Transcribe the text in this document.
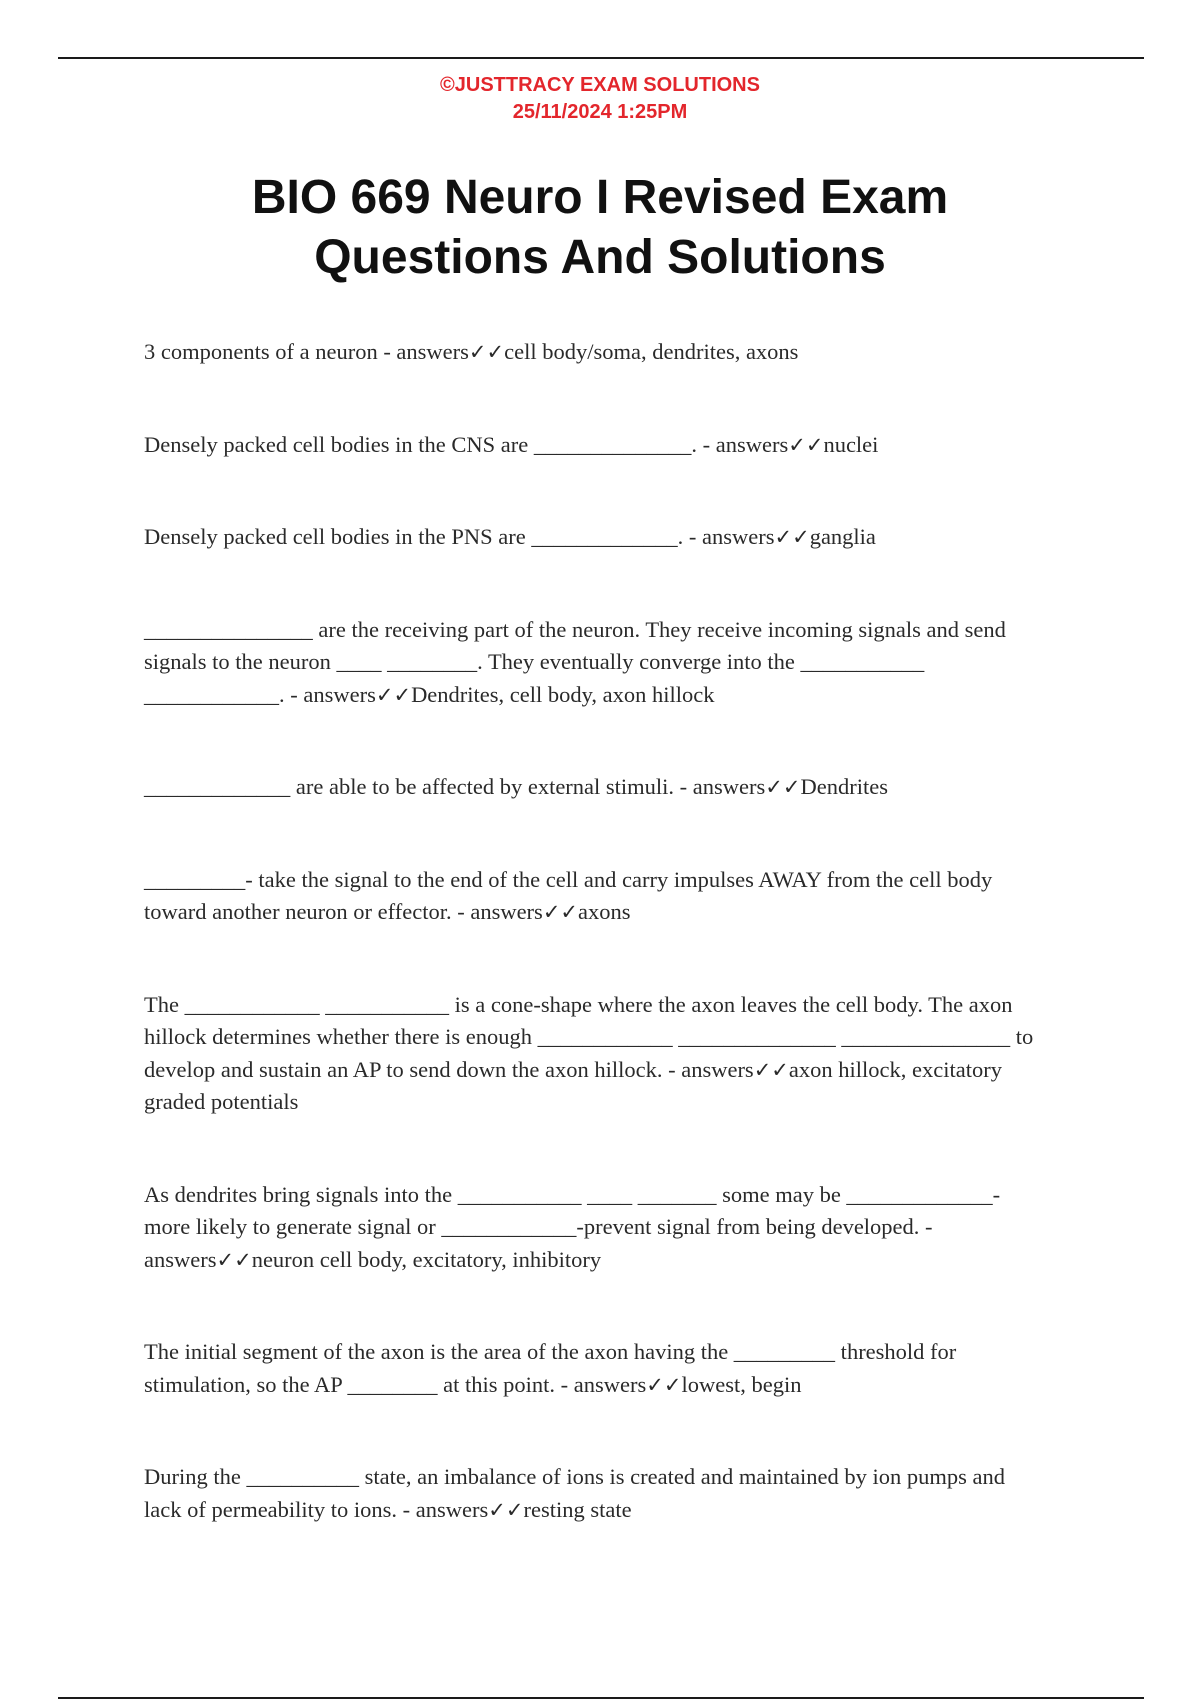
©JUSTTRACY EXAM SOLUTIONS
25/11/2024 1:25PM
BIO 669 Neuro I Revised Exam
Questions And Solutions

3 components of a neuron - answers✓✓cell body/soma, dendrites, axons

Densely packed cell bodies in the CNS are ______________. - answers✓✓nuclei

Densely packed cell bodies in the PNS are _____________. - answers✓✓ganglia

_______________ are the receiving part of the neuron. They receive incoming signals and send signals to the neuron ____ ________. They eventually converge into the ___________ ____________. - answers✓✓Dendrites, cell body, axon hillock

_____________ are able to be affected by external stimuli. - answers✓✓Dendrites

_________- take the signal to the end of the cell and carry impulses AWAY from the cell body toward another neuron or effector. - answers✓✓axons

The ____________ ___________ is a cone-shape where the axon leaves the cell body. The axon hillock determines whether there is enough ____________ ______________ _______________ to develop and sustain an AP to send down the axon hillock. - answers✓✓axon hillock, excitatory graded potentials

As dendrites bring signals into the ___________ ____ _______ some may be _____________-more likely to generate signal or ____________-prevent signal from being developed. - answers✓✓neuron cell body, excitatory, inhibitory

The initial segment of the axon is the area of the axon having the _________ threshold for stimulation, so the AP ________ at this point. - answers✓✓lowest, begin

During the __________ state, an imbalance of ions is created and maintained by ion pumps and lack of permeability to ions. - answers✓✓resting state
